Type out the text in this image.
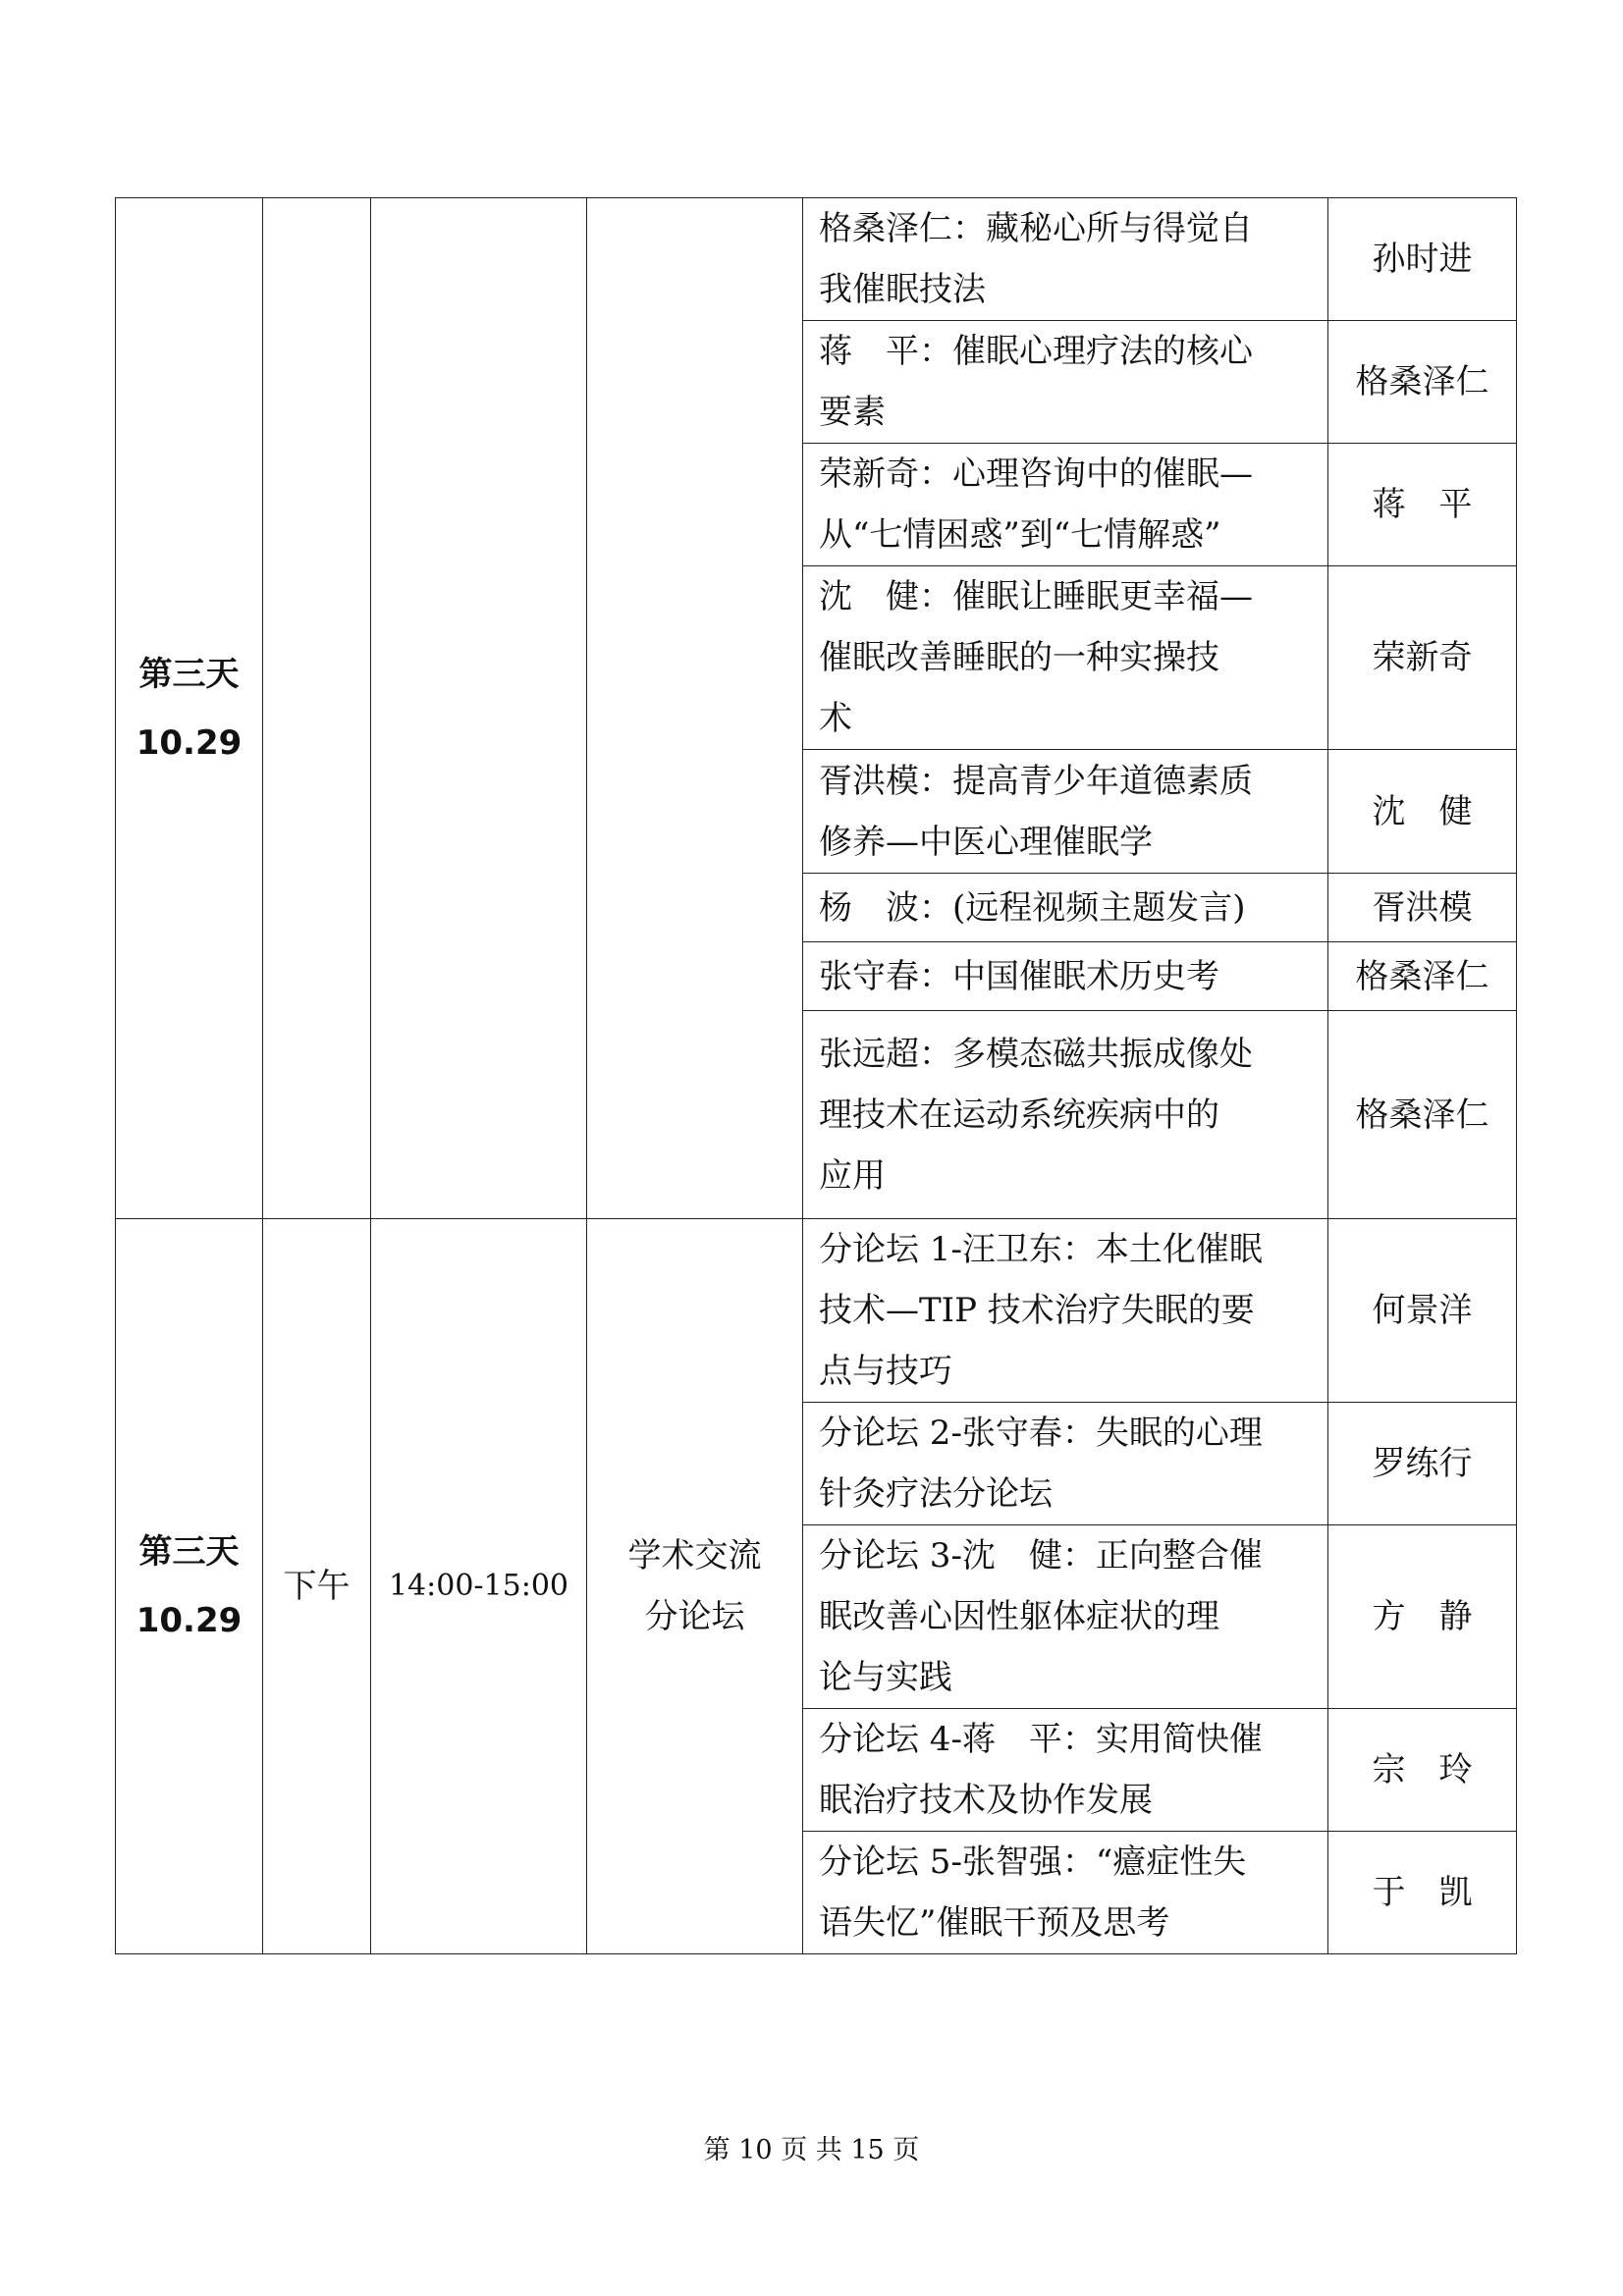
第三天
10.29				格桑泽仁：藏秘心所与得觉自
我催眠技法	孙时进

				蒋　平：催眠心理疗法的核心
要素	格桑泽仁

				荣新奇：心理咨询中的催眠—
从“七情困惑”到“七情解惑”	蒋　平

				沈　健：催眠让睡眠更幸福—
催眠改善睡眠的一种实操技
术	荣新奇

				胥洪模：提高青少年道德素质
修养—中医心理催眠学	沈　健

				杨　波：(远程视频主题发言)	胥洪模

				张守春：中国催眠术历史考	格桑泽仁

				张远超：多模态磁共振成像处
理技术在运动系统疾病中的
应用	格桑泽仁

第三天
10.29	下午	14:00-15:00	学术交流
分论坛	分论坛 1-汪卫东：本土化催眠
技术—TIP 技术治疗失眠的要
点与技巧	何景洋

				分论坛 2-张守春：失眠的心理
针灸疗法分论坛	罗练行

				分论坛 3-沈　健：正向整合催
眠改善心因性躯体症状的理
论与实践	方　静

				分论坛 4-蒋　平：实用简快催
眠治疗技术及协作发展	宗　玲

				分论坛 5-张智强：“癔症性失
语失忆”催眠干预及思考	于　凯
第 10 页 共 15 页
